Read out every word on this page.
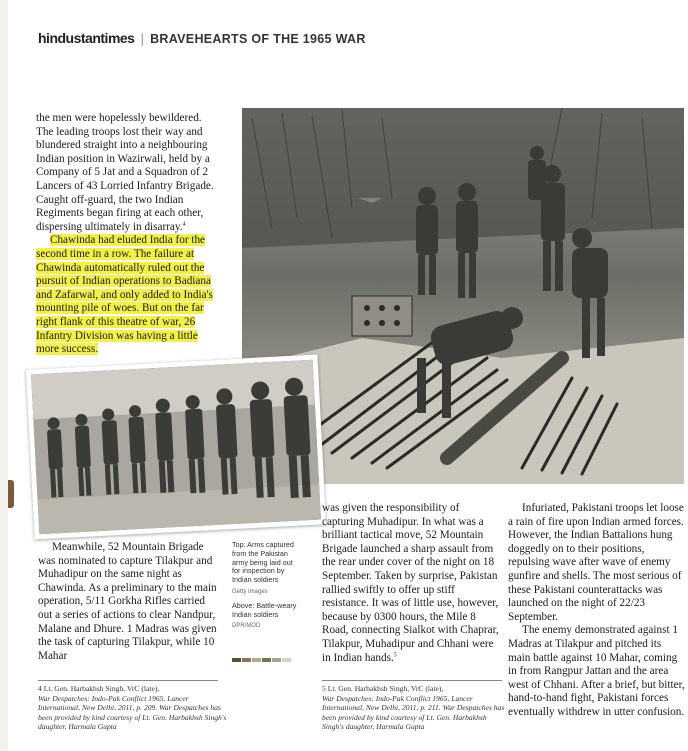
hindustantimes | BRAVEHEARTS OF THE 1965 WAR

the men were hopelessly bewildered. The leading troops lost their way and blundered straight into a neighbouring Indian position in Wazirwali, held by a Company of 5 Jat and a Squadron of 2 Lancers of 43 Lorried Infantry Brigade. Caught off-guard, the two Indian Regiments began firing at each other, dispersing ultimately in disarray.$^4$

Chawinda had eluded India for the second time in a row. The failure at Chawinda automatically ruled out the pursuit of Indian operations to Badiana and Zafarwal, and only added to India's mounting pile of woes. But on the far right flank of this theatre of war, 26 Infantry Division was having a little more success.

Meanwhile, 52 Mountain Brigade was nominated to capture Tilakpur and Muhadipur on the same night as Chawinda. As a preliminary to the main operation, 5/11 Gorkha Rifles carried out a series of actions to clear Nandpur, Malane and Dhure. 1 Madras was given the task of capturing Tilakpur, while 10 Mahar

Top: Arms captured from the Pakistan army being laid out for inspection by Indian soldiers
Getty Images
Above: Battle-weary Indian soldiers
DPR/MOD

was given the responsibility of capturing Muhadipur. In what was a brilliant tactical move, 52 Mountain Brigade launched a sharp assault from the rear under cover of the night on 18 September. Taken by surprise, Pakistan rallied swiftly to offer up stiff resistance. It was of little use, however, because by 0300 hours, the Mile 8 Road, connecting Sialkot with Chaprar, Tilakpur, Muhadipur and Chhani were in Indian hands.$^5$

Infuriated, Pakistani troops let loose a rain of fire upon Indian armed forces. However, the Indian Battalions hung doggedly on to their positions, repulsing wave after wave of enemy gunfire and shells. The most serious of these Pakistani counterattacks was launched on the night of 22/23 September.

The enemy demonstrated against 1 Madras at Tilakpur and pitched its main battle against 10 Mahar, coming in from Rangpur Jattan and the area west of Chhani. After a brief, but bitter, hand-to-hand fight, Pakistani forces eventually withdrew in utter confusion.

4 Lt. Gen. Harbakhsh Singh, VrC (late),
War Despatches: Indo-Pak Conflict 1965, Lancer International, New Delhi, 2011, p. 209. War Despatches has been provided by kind courtesy of Lt. Gen. Harbakhsh Singh's daughter, Harmala Gupta
5 Lt. Gen. Harbakhsh Singh, VrC (late),
War Despatches: Indo-Pak Conflict 1965, Lancer International, New Delhi, 2011, p. 211. War Despatches has been provided by kind courtesy of Lt. Gen. Harbakhsh Singh's daughter, Harmala Gupta
